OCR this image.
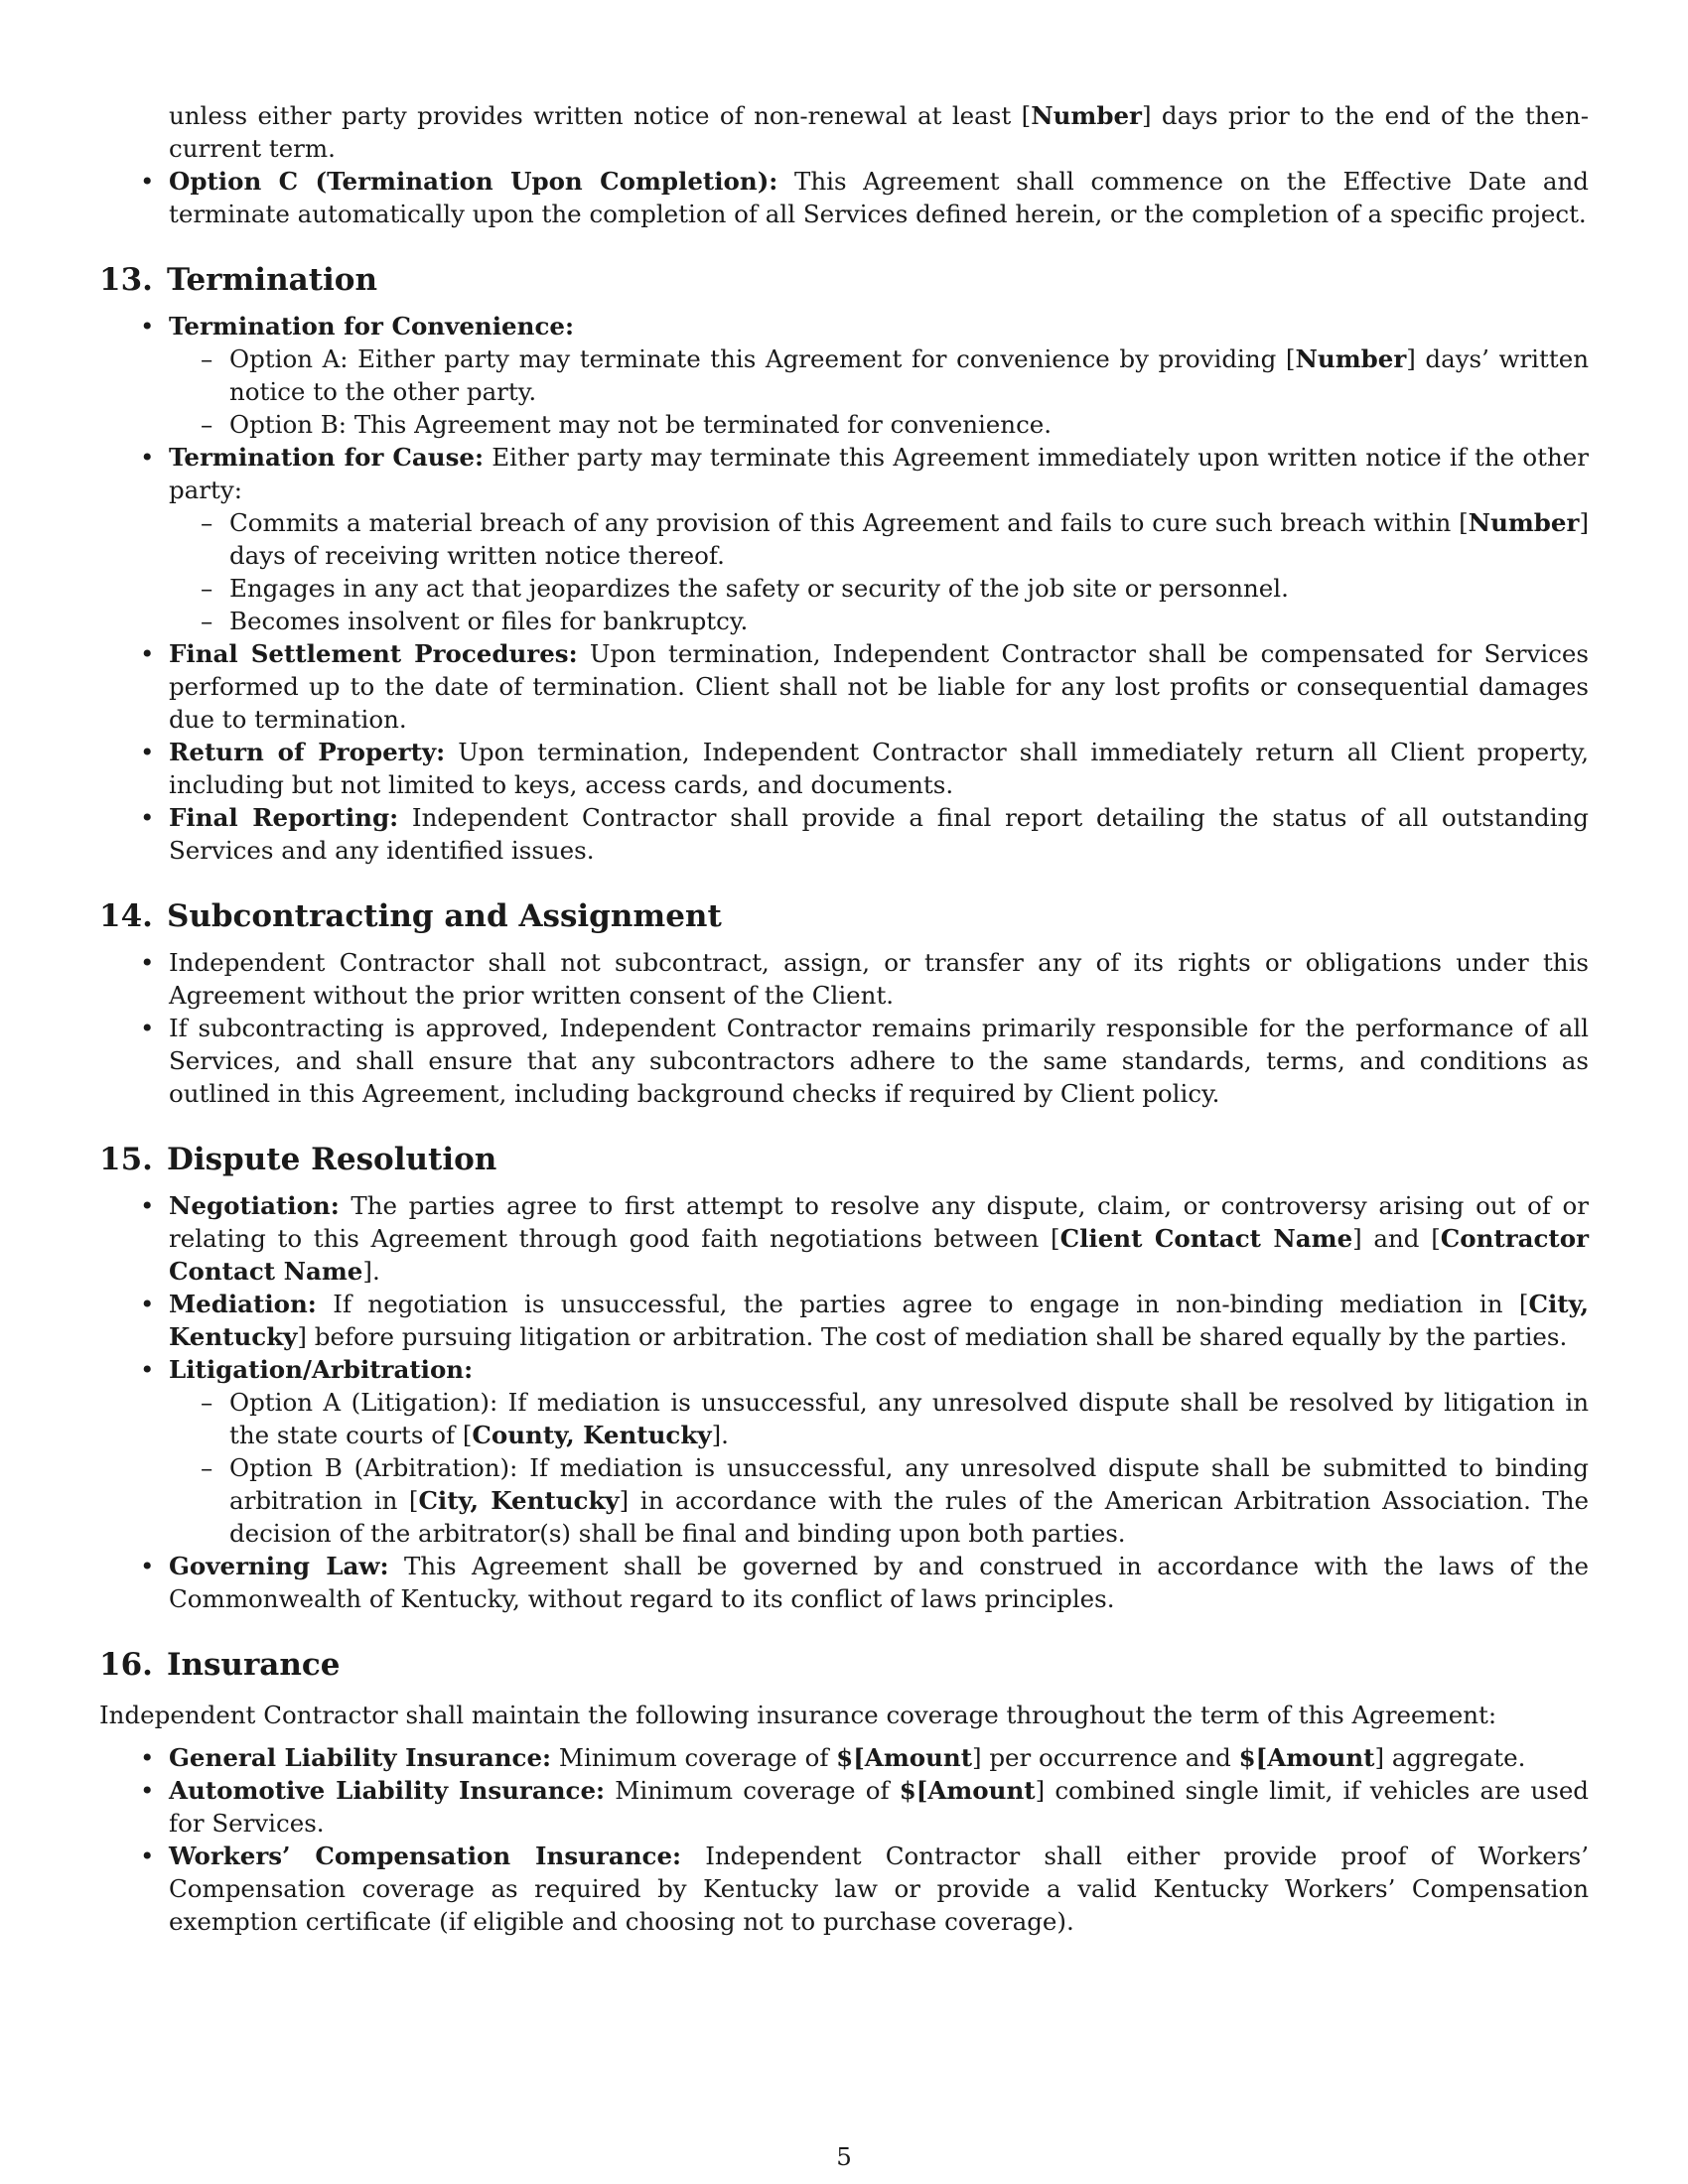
unless either party provides written notice of non-renewal at least [Number] days prior to the end of the then-current term.

• Option C (Termination Upon Completion): This Agreement shall commence on the Effective Date and terminate automatically upon the completion of all Services defined herein, or the completion of a specific project.

13. Termination
• Termination for Convenience:
– Option A: Either party may terminate this Agreement for convenience by providing [Number] days’ written notice to the other party.
– Option B: This Agreement may not be terminated for convenience.
• Termination for Cause: Either party may terminate this Agreement immediately upon written notice if the other party:
– Commits a material breach of any provision of this Agreement and fails to cure such breach within [Number] days of receiving written notice thereof.
– Engages in any act that jeopardizes the safety or security of the job site or personnel.
– Becomes insolvent or files for bankruptcy.

• Final Settlement Procedures: Upon termination, Independent Contractor shall be compensated for Services performed up to the date of termination. Client shall not be liable for any lost profits or consequential damages due to termination.

• Return of Property: Upon termination, Independent Contractor shall immediately return all Client property, including but not limited to keys, access cards, and documents.

• Final Reporting: Independent Contractor shall provide a final report detailing the status of all outstanding Services and any identified issues.

14. Subcontracting and Assignment

• Independent Contractor shall not subcontract, assign, or transfer any of its rights or obligations under this Agreement without the prior written consent of the Client.

• If subcontracting is approved, Independent Contractor remains primarily responsible for the performance of all Services, and shall ensure that any subcontractors adhere to the same standards, terms, and conditions as outlined in this Agreement, including background checks if required by Client policy.

15. Dispute Resolution

• Negotiation: The parties agree to first attempt to resolve any dispute, claim, or controversy arising out of or relating to this Agreement through good faith negotiations between [Client Contact Name] and [Contractor Contact Name].

• Mediation: If negotiation is unsuccessful, the parties agree to engage in non-binding mediation in [City, Kentucky] before pursuing litigation or arbitration. The cost of mediation shall be shared equally by the parties.

• Litigation/Arbitration:
– Option A (Litigation): If mediation is unsuccessful, any unresolved dispute shall be resolved by litigation in the state courts of [County, Kentucky].
– Option B (Arbitration): If mediation is unsuccessful, any unresolved dispute shall be submitted to binding arbitration in [City, Kentucky] in accordance with the rules of the American Arbitration Association. The decision of the arbitrator(s) shall be final and binding upon both parties.

• Governing Law: This Agreement shall be governed by and construed in accordance with the laws of the Commonwealth of Kentucky, without regard to its conflict of laws principles.

16. Insurance

Independent Contractor shall maintain the following insurance coverage throughout the term of this Agreement:

• General Liability Insurance: Minimum coverage of $[Amount] per occurrence and $[Amount] aggregate.

• Automotive Liability Insurance: Minimum coverage of $[Amount] combined single limit, if vehicles are used for Services.

• Workers’ Compensation Insurance: Independent Contractor shall either provide proof of Workers’ Compensation coverage as required by Kentucky law or provide a valid Kentucky Workers’ Compensation exemption certificate (if eligible and choosing not to purchase coverage).

5
